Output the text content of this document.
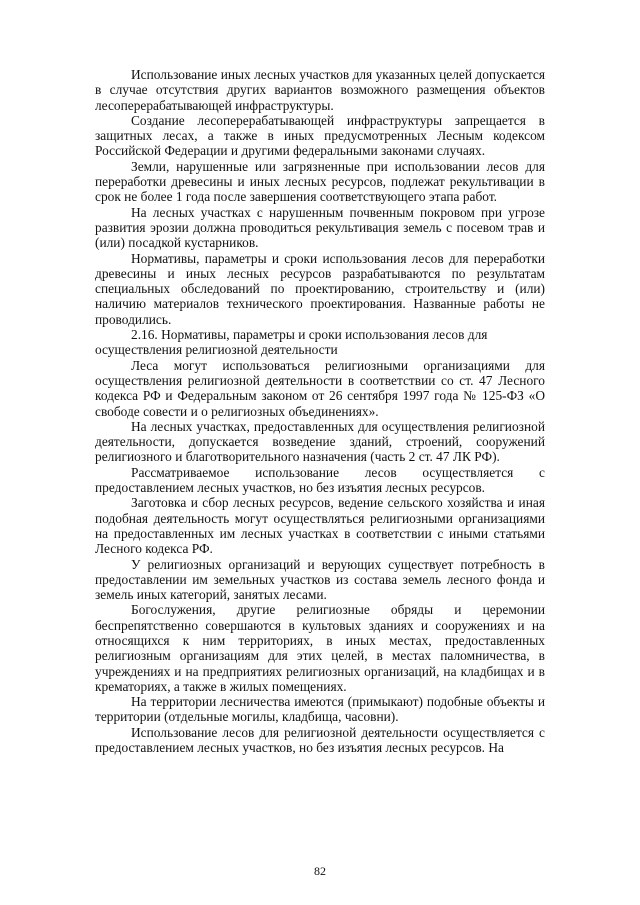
Использование иных лесных участков для указанных целей допускается в случае отсутствия других вариантов возможного размещения объектов лесоперерабатывающей инфраструктуры.

Создание лесоперерабатывающей инфраструктуры запрещается в защитных лесах, а также в иных предусмотренных Лесным кодексом Российской Федерации и другими федеральными законами случаях.

Земли, нарушенные или загрязненные при использовании лесов для переработки древесины и иных лесных ресурсов, подлежат рекультивации в срок не более 1 года после завершения соответствующего этапа работ.

На лесных участках с нарушенным почвенным покровом при угрозе развития эрозии должна проводиться рекультивация земель с посевом трав и (или) посадкой кустарников.

Нормативы, параметры и сроки использования лесов для переработки древесины и иных лесных ресурсов разрабатываются по результатам специальных обследований по проектированию, строительству и (или) наличию материалов технического проектирования. Названные работы не проводились.

2.16. Нормативы, параметры и сроки использования лесов для осуществления религиозной деятельности

Леса могут использоваться религиозными организациями для осуществления религиозной деятельности в соответствии со ст. 47 Лесного кодекса РФ и Федеральным законом от 26 сентября 1997 года № 125-ФЗ «О свободе совести и о религиозных объединениях».

На лесных участках, предоставленных для осуществления религиозной деятельности, допускается возведение зданий, строений, сооружений религиозного и благотворительного назначения (часть 2 ст. 47 ЛК РФ).

Рассматриваемое использование лесов осуществляется с предоставлением лесных участков, но без изъятия лесных ресурсов.

Заготовка и сбор лесных ресурсов, ведение сельского хозяйства и иная подобная деятельность могут осуществляться религиозными организациями на предоставленных им лесных участках в соответствии с иными статьями Лесного кодекса РФ.

У религиозных организаций и верующих существует потребность в предоставлении им земельных участков из состава земель лесного фонда и земель иных категорий, занятых лесами.

Богослужения, другие религиозные обряды и церемонии беспрепятственно совершаются в культовых зданиях и сооружениях и на относящихся к ним территориях, в иных местах, предоставленных религиозным организациям для этих целей, в местах паломничества, в учреждениях и на предприятиях религиозных организаций, на кладбищах и в крематориях, а также в жилых помещениях.

На территории лесничества имеются (примыкают) подобные объекты и территории (отдельные могилы, кладбища, часовни).

Использование лесов для религиозной деятельности осуществляется с предоставлением лесных участков, но без изъятия лесных ресурсов. На

82
